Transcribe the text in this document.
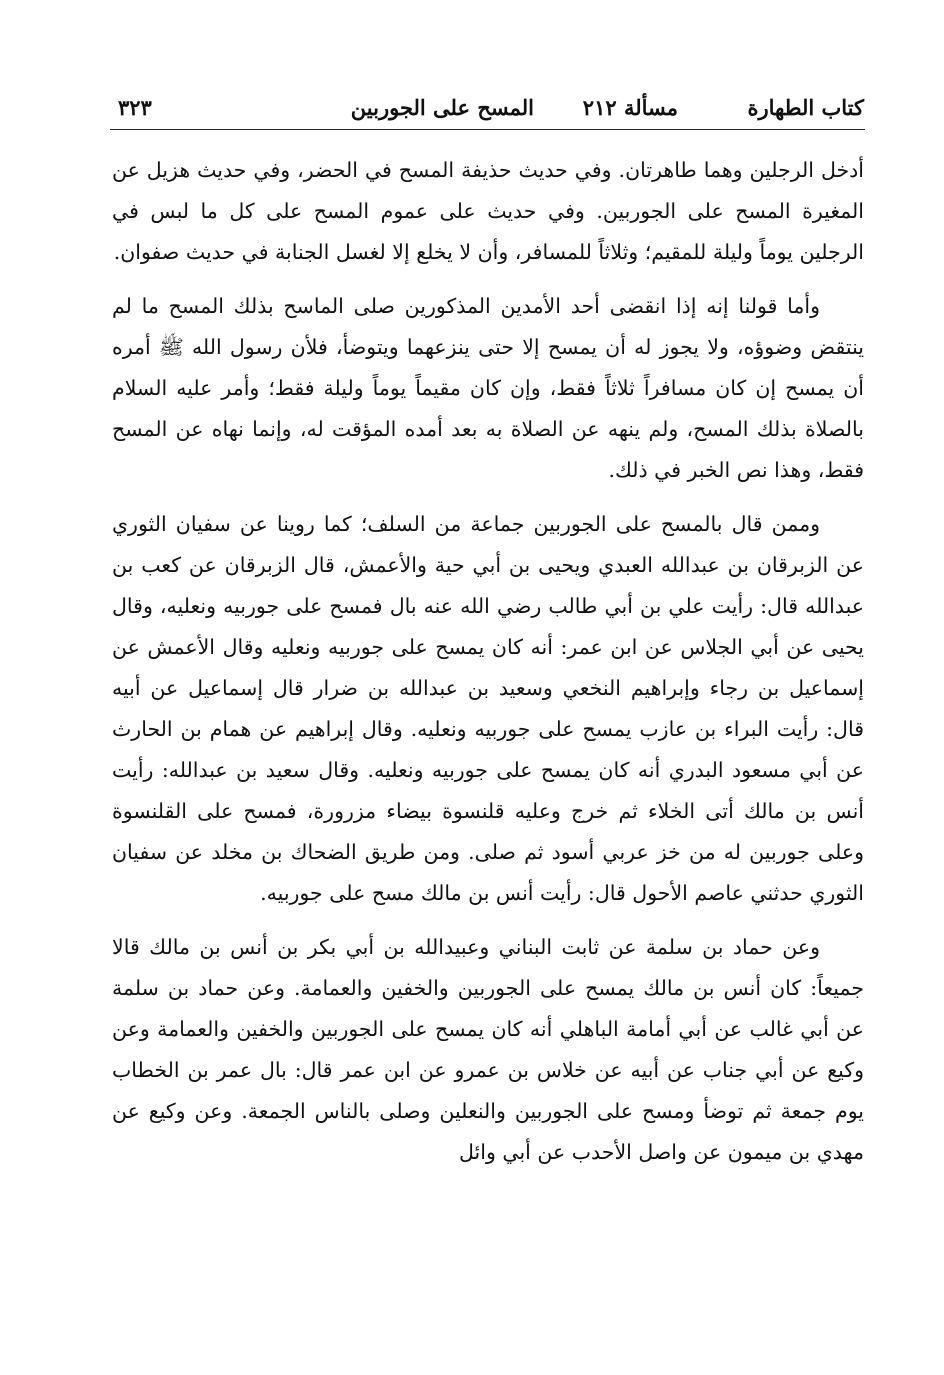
كتاب الطهارة
مسألة ٢١٢
المسح على الجوربين
٣٢٣

أدخل الرجلين وهما طاهرتان. وفي حديث حذيفة المسح في الحضر، وفي حديث هزيل عن المغيرة المسح على الجوربين. وفي حديث على عموم المسح على كل ما لبس في الرجلين يوماً وليلة للمقيم؛ وثلاثاً للمسافر، وأن لا يخلع إلا لغسل الجنابة في حديث صفوان.

وأما قولنا إنه إذا انقضى أحد الأمدين المذكورين صلى الماسح بذلك المسح ما لم ينتقض وضوؤه، ولا يجوز له أن يمسح إلا حتى ينزعهما ويتوضأ، فلأن رسول الله ﷺ أمره أن يمسح إن كان مسافراً ثلاثاً فقط، وإن كان مقيماً يوماً وليلة فقط؛ وأمر عليه السلام بالصلاة بذلك المسح، ولم ينهه عن الصلاة به بعد أمده المؤقت له، وإنما نهاه عن المسح فقط، وهذا نص الخبر في ذلك.

وممن قال بالمسح على الجوربين جماعة من السلف؛ كما روينا عن سفيان الثوري عن الزبرقان بن عبدالله العبدي ويحيى بن أبي حية والأعمش، قال الزبرقان عن كعب بن عبدالله قال: رأيت علي بن أبي طالب رضي الله عنه بال فمسح على جوربيه ونعليه، وقال يحيى عن أبي الجلاس عن ابن عمر: أنه كان يمسح على جوربيه ونعليه وقال الأعمش عن إسماعيل بن رجاء وإبراهيم النخعي وسعيد بن عبدالله بن ضرار قال إسماعيل عن أبيه قال: رأيت البراء بن عازب يمسح على جوربيه ونعليه. وقال إبراهيم عن همام بن الحارث عن أبي مسعود البدري أنه كان يمسح على جوربيه ونعليه. وقال سعيد بن عبدالله: رأيت أنس بن مالك أتى الخلاء ثم خرج وعليه قلنسوة بيضاء مزرورة، فمسح على القلنسوة وعلى جوربين له من خز عربي أسود ثم صلى. ومن طريق الضحاك بن مخلد عن سفيان الثوري حدثني عاصم الأحول قال: رأيت أنس بن مالك مسح على جوربيه.

وعن حماد بن سلمة عن ثابت البناني وعبيدالله بن أبي بكر بن أنس بن مالك قالا جميعاً: كان أنس بن مالك يمسح على الجوربين والخفين والعمامة. وعن حماد بن سلمة عن أبي غالب عن أبي أمامة الباهلي أنه كان يمسح على الجوربين والخفين والعمامة وعن وكيع عن أبي جناب عن أبيه عن خلاس بن عمرو عن ابن عمر قال: بال عمر بن الخطاب يوم جمعة ثم توضأ ومسح على الجوربين والنعلين وصلى بالناس الجمعة. وعن وكيع عن مهدي بن ميمون عن واصل الأحدب عن أبي وائل
